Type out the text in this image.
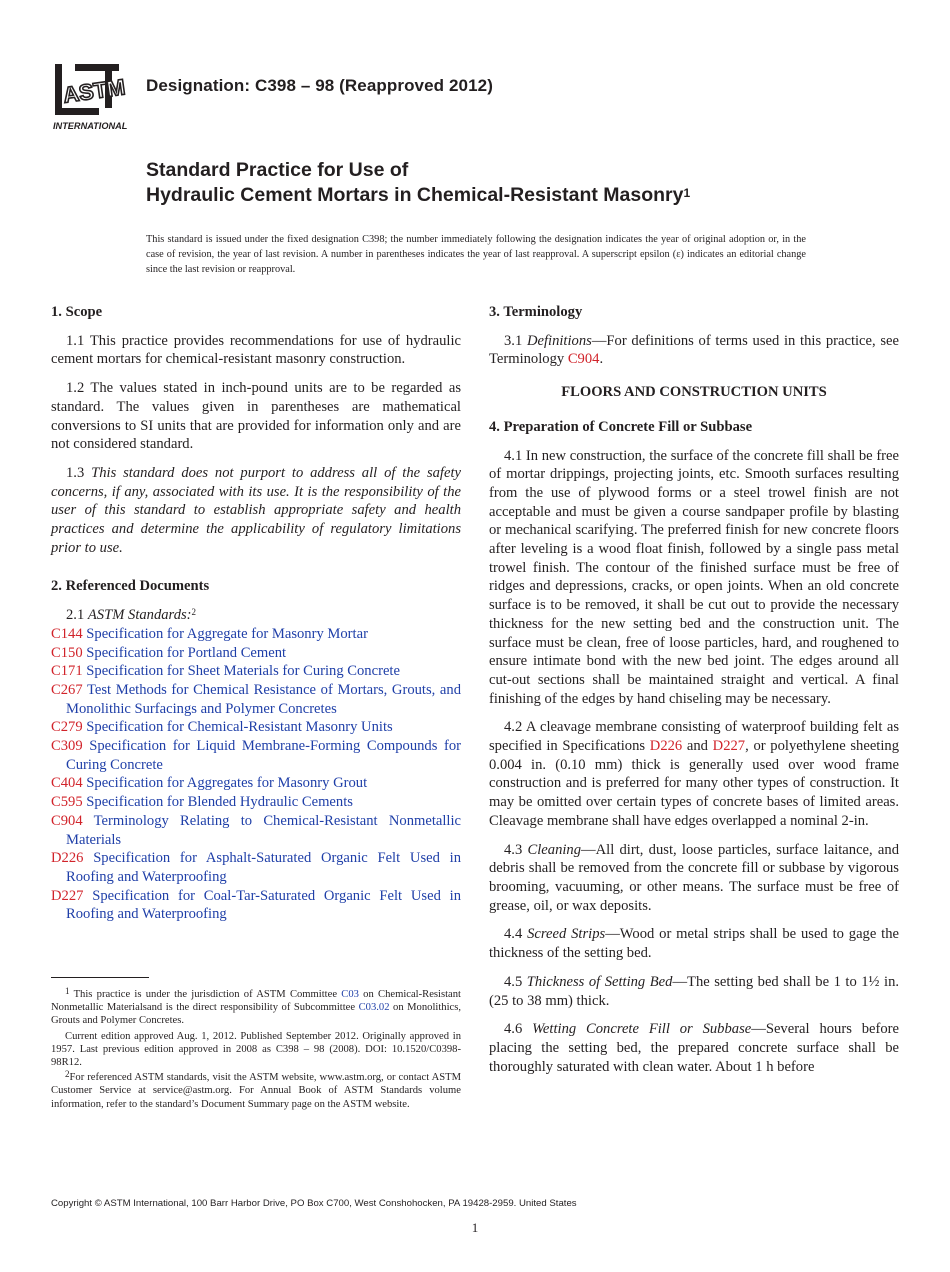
ASTM
INTERNATIONAL
Designation: C398 – 98 (Reapproved 2012)
Standard Practice for Use of
Hydraulic Cement Mortars in Chemical-Resistant Masonry$^1$
This standard is issued under the fixed designation C398; the number immediately following the designation indicates the year of original adoption or, in the case of revision, the year of last revision. A number in parentheses indicates the year of last reapproval. A superscript epsilon (ε) indicates an editorial change since the last revision or reapproval.
1. Scope

1.1 This practice provides recommendations for use of hydraulic cement mortars for chemical-resistant masonry construction.

1.2 The values stated in inch-pound units are to be regarded as standard. The values given in parentheses are mathematical conversions to SI units that are provided for information only and are not considered standard.

1.3 This standard does not purport to address all of the safety concerns, if any, associated with its use. It is the responsibility of the user of this standard to establish appropriate safety and health practices and determine the applicability of regulatory limitations prior to use.

2. Referenced Documents

2.1 ASTM Standards:$^2$

C144 Specification for Aggregate for Masonry Mortar

C150 Specification for Portland Cement

C171 Specification for Sheet Materials for Curing Concrete

C267 Test Methods for Chemical Resistance of Mortars, Grouts, and Monolithic Surfacings and Polymer Concretes

C279 Specification for Chemical-Resistant Masonry Units

C309 Specification for Liquid Membrane-Forming Compounds for Curing Concrete

C404 Specification for Aggregates for Masonry Grout

C595 Specification for Blended Hydraulic Cements

C904 Terminology Relating to Chemical-Resistant Nonmetallic Materials

D226 Specification for Asphalt-Saturated Organic Felt Used in Roofing and Waterproofing

D227 Specification for Coal-Tar-Saturated Organic Felt Used in Roofing and Waterproofing

$^1$ This practice is under the jurisdiction of ASTM Committee C03 on Chemical-Resistant Nonmetallic Materialsand is the direct responsibility of Subcommittee C03.02 on Monolithics, Grouts and Polymer Concretes.

Current edition approved Aug. 1, 2012. Published September 2012. Originally approved in 1957. Last previous edition approved in 2008 as C398 – 98 (2008). DOI: 10.1520/C0398-98R12.

$^2$For referenced ASTM standards, visit the ASTM website, www.astm.org, or contact ASTM Customer Service at service@astm.org. For Annual Book of ASTM Standards volume information, refer to the standard’s Document Summary page on the ASTM website.

3. Terminology

3.1 Definitions—For definitions of terms used in this practice, see Terminology C904.

FLOORS AND CONSTRUCTION UNITS
4. Preparation of Concrete Fill or Subbase

4.1 In new construction, the surface of the concrete fill shall be free of mortar drippings, projecting joints, etc. Smooth surfaces resulting from the use of plywood forms or a steel trowel finish are not acceptable and must be given a course sandpaper profile by blasting or mechanical scarifying. The preferred finish for new concrete floors after leveling is a wood float finish, followed by a single pass metal trowel finish. The contour of the finished surface must be free of ridges and depressions, cracks, or open joints. When an old concrete surface is to be removed, it shall be cut out to provide the necessary thickness for the new setting bed and the construction unit. The surface must be clean, free of loose particles, hard, and roughened to ensure intimate bond with the new bed joint. The edges around all cut-out sections shall be maintained straight and vertical. A final finishing of the edges by hand chiseling may be necessary.

4.2 A cleavage membrane consisting of waterproof building felt as specified in Specifications D226 and D227, or polyethylene sheeting 0.004 in. (0.10 mm) thick is generally used over wood frame construction and is preferred for many other types of construction. It may be omitted over certain types of concrete bases of limited areas. Cleavage membrane shall have edges overlapped a nominal 2-in.

4.3 Cleaning—All dirt, dust, loose particles, surface laitance, and debris shall be removed from the concrete fill or subbase by vigorous brooming, vacuuming, or other means. The surface must be free of grease, oil, or wax deposits.

4.4 Screed Strips—Wood or metal strips shall be used to gage the thickness of the setting bed.

4.5 Thickness of Setting Bed—The setting bed shall be 1 to 1½ in. (25 to 38 mm) thick.

4.6 Wetting Concrete Fill or Subbase—Several hours before placing the setting bed, the prepared concrete surface shall be thoroughly saturated with clean water. About 1 h before

Copyright © ASTM International, 100 Barr Harbor Drive, PO Box C700, West Conshohocken, PA 19428-2959. United States
1
